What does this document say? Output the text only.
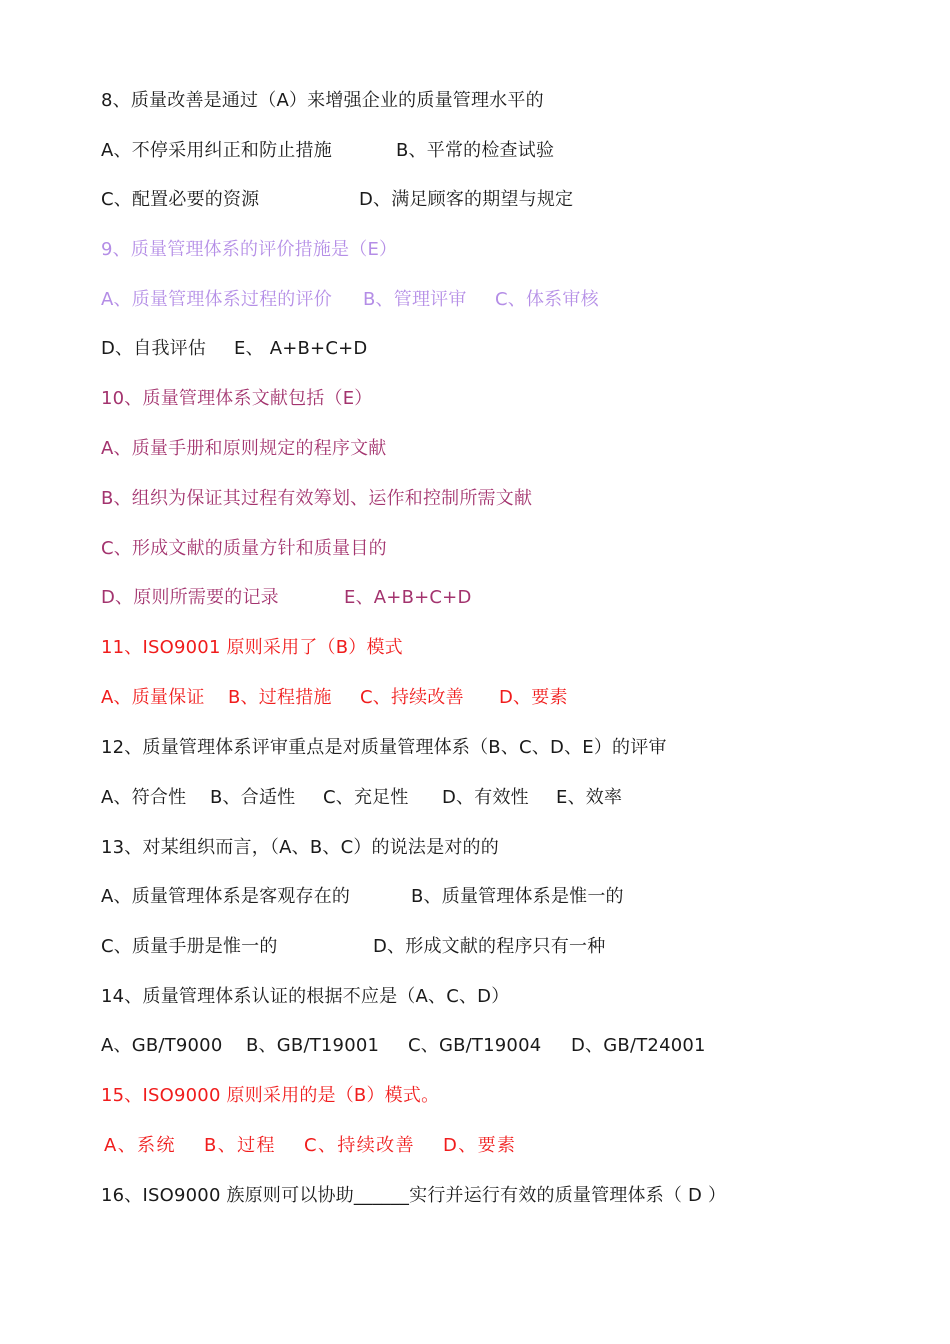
8、质量改善是通过（A）来增强企业的质量管理水平的
A、不停采用纠正和防止措施	B、平常的检查试验
C、配置必要的资源	D、满足顾客的期望与规定
9、质量管理体系的评价措施是（E）
A、质量管理体系过程的评价 B、管理评审 C、体系审核
D、自我评估 E、 A+B+C+D
10、质量管理体系文献包括（E）
A、质量手册和原则规定的程序文献
B、组织为保证其过程有效筹划、运作和控制所需文献
C、形成文献的质量方针和质量目的
D、原则所需要的记录	E、A+B+C+D
11、ISO9001 原则采用了（B）模式
A、质量保证 B、过程措施 C、持续改善 D、要素
12、质量管理体系评审重点是对质量管理体系（B、C、D、E）的评审
A、符合性 B、合适性 C、充足性 D、有效性 E、效率
13、对某组织而言，（A、B、C）的说法是对的的
A、质量管理体系是客观存在的	B、质量管理体系是惟一的
C、质量手册是惟一的	D、形成文献的程序只有一种
14、质量管理体系认证的根据不应是（A、C、D）
A、GB/T9000 B、GB/T19001 C、GB/T19004 D、GB/T24001
15、ISO9000 原则采用的是（B）模式。
A、系统 B、过程 C、持续改善 D、要素
16、ISO9000 族原则可以协助______实行并运行有效的质量管理体系（ D ）
